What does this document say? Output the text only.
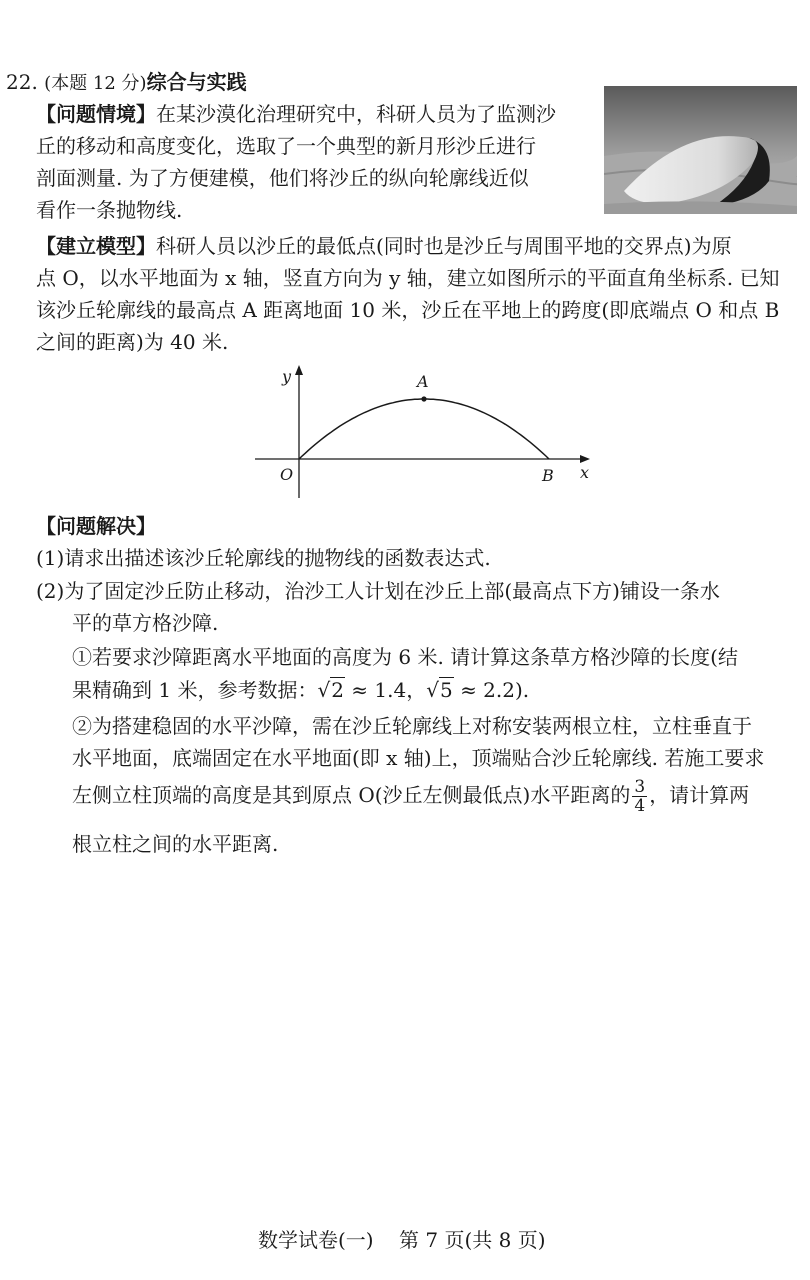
22. (本题 12 分)综合与实践
【问题情境】在某沙漠化治理研究中，科研人员为了监测沙
丘的移动和高度变化，选取了一个典型的新月形沙丘进行
剖面测量. 为了方便建模，他们将沙丘的纵向轮廓线近似
看作一条抛物线.
【建立模型】科研人员以沙丘的最低点(同时也是沙丘与周围平地的交界点)为原
点 O，以水平地面为 x 轴，竖直方向为 y 轴，建立如图所示的平面直角坐标系. 已知
该沙丘轮廓线的最高点 A 距离地面 10 米，沙丘在平地上的跨度(即底端点 O 和点 B
之间的距离)为 40 米.
y
x
O
A
B
【问题解决】
(1)请求出描述该沙丘轮廓线的抛物线的函数表达式.
(2)为了固定沙丘防止移动，治沙工人计划在沙丘上部(最高点下方)铺设一条水
平的草方格沙障.
①若要求沙障距离水平地面的高度为 6 米. 请计算这条草方格沙障的长度(结
果精确到 1 米，参考数据：√2 ≈ 1.4，√5 ≈ 2.2).
②为搭建稳固的水平沙障，需在沙丘轮廓线上对称安装两根立柱，立柱垂直于
水平地面，底端固定在水平地面(即 x 轴)上，顶端贴合沙丘轮廓线. 若施工要求
左侧立柱顶端的高度是其到原点 O(沙丘左侧最低点)水平距离的 $\frac{3}{4}$ ，请计算两
根立柱之间的水平距离.
数学试卷(一)    第 7 页(共 8 页)
